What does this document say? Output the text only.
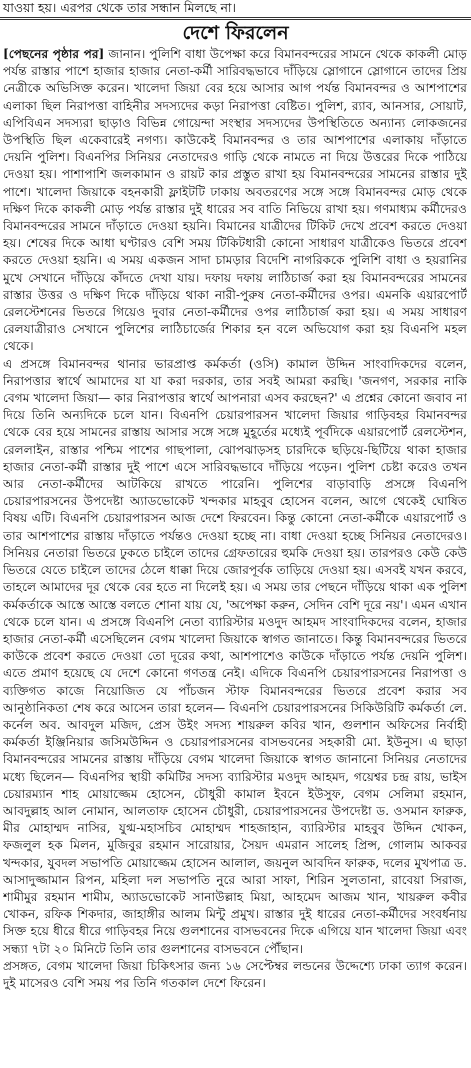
যাওয়া হয়। এরপর থেকে তার সন্ধান মিলছে না।
দেশে ফিরলেন

[পেছনের পৃষ্ঠার পর] জানান। পুলিশি বাধা উপেক্ষা করে বিমানবন্দরের সামনে থেকে কাকলী মোড় পর্যন্ত রাস্তার পাশে হাজার হাজার নেতা-কর্মী সারিবদ্ধভাবে দাঁড়িয়ে স্লোগানে স্লোগানে তাদের প্রিয় নেত্রীকে অভিসিক্ত করেন। খালেদা জিয়া বের হয়ে আসার আগ পর্যন্ত বিমানবন্দর ও আশপাশের এলাকা ছিল নিরাপত্তা বাহিনীর সদস্যদের কড়া নিরাপত্তা বেষ্টিত। পুলিশ, র‌্যাব, আনসার, সোয়াট, এপিবিএন সদস্যরা ছাড়াও বিভিন্ন গোয়েন্দা সংস্থার সদস্যদের উপস্থিতিতে অন্যান্য লোকজনের উপস্থিতি ছিল একেবারেই নগণ্য। কাউকেই বিমানবন্দর ও তার আশপাশের এলাকায় দাঁড়াতে দেয়নি পুলিশ। বিএনপির সিনিয়র নেতাদেরও গাড়ি থেকে নামতে না দিয়ে উত্তরের দিকে পাঠিয়ে দেওয়া হয়। পাশাপাশি জলকামান ও রায়ট কার প্রস্তুত রাখা হয় বিমানবন্দরের সামনের রাস্তার দুই পাশে। খালেদা জিয়াকে বহনকারী ফ্লাইটটি ঢাকায় অবতরণের সঙ্গে সঙ্গে বিমানবন্দর মোড় থেকে দক্ষিণ দিকে কাকলী মোড় পর্যন্ত রাস্তার দুই ধারের সব বাতি নিভিয়ে রাখা হয়। গণমাধ্যম কর্মীদেরও বিমানবন্দরের সামনে দাঁড়াতে দেওয়া হয়নি। বিমানের যাত্রীদের টিকিট দেখে প্রবেশ করতে দেওয়া হয়। শেষের দিকে আধা ঘণ্টারও বেশি সময় টিকিটধারী কোনো সাধারণ যাত্রীকেও ভিতরে প্রবেশ করতে দেওয়া হয়নি। এ সময় একজন সাদা চামড়ার বিদেশি নাগরিককে পুলিশি বাধা ও হয়রানির মুখে সেখানে দাঁড়িয়ে কাঁদতে দেখা যায়। দফায় দফায় লাঠিচার্জ করা হয় বিমানবন্দরের সামনের রাস্তার উত্তর ও দক্ষিণ দিকে দাঁড়িয়ে থাকা নারী-পুরুষ নেতা-কর্মীদের ওপর। এমনকি এয়ারপোর্ট রেলস্টেশনের ভিতরে গিয়েও দুবার নেতা-কর্মীদের ওপর লাঠিচার্জ করা হয়। এ সময় সাধারণ রেলযাত্রীরাও সেখানে পুলিশের লাঠিচার্জের শিকার হন বলে অভিযোগ করা হয় বিএনপি মহল থেকে।

এ প্রসঙ্গে বিমানবন্দর থানার ভারপ্রাপ্ত কর্মকর্তা (ওসি) কামাল উদ্দিন সাংবাদিকদের বলেন, নিরাপত্তার স্বার্থে আমাদের যা যা করা দরকার, তার সবই আমরা করছি। 'জনগণ, সরকার নাকি বেগম খালেদা জিয়া— কার নিরাপত্তার স্বার্থে আপনারা এসব করছেন?' এ প্রশ্নের কোনো জবাব না দিয়ে তিনি অন্যদিকে চলে যান। বিএনপি চেয়ারপারসন খালেদা জিয়ার গাড়িবহর বিমানবন্দর থেকে বের হয়ে সামনের রাস্তায় আসার সঙ্গে সঙ্গে মুহূর্তের মধ্যেই পূর্বদিকে এয়ারপোর্ট রেলস্টেশন, রেললাইন, রাস্তার পশ্চিম পাশের গাছপালা, ঝোপঝাড়সহ চারদিকে ছড়িয়ে-ছিটিয়ে থাকা হাজার হাজার নেতা-কর্মী রাস্তার দুই পাশে এসে সারিবদ্ধভাবে দাঁড়িয়ে পড়েন। পুলিশ চেষ্টা করেও তখন আর নেতা-কর্মীদের আটকিয়ে রাখতে পারেনি। পুলিশের বাড়াবাড়ি প্রসঙ্গে বিএনপি চেয়ারপারসনের উপদেষ্টা অ্যাডভোকেট খন্দকার মাহবুব হোসেন বলেন, আগে থেকেই ঘোষিত বিষয় এটি। বিএনপি চেয়ারপারসন আজ দেশে ফিরবেন। কিন্তু কোনো নেতা-কর্মীকে এয়ারপোর্ট ও তার আশপাশের রাস্তায় দাঁড়াতে পর্যন্তও দেওয়া হচ্ছে না। বাধা দেওয়া হচ্ছে সিনিয়র নেতাদেরও। সিনিয়র নেতারা ভিতরে ঢুকতে চাইলে তাদের গ্রেফতারের হুমকি দেওয়া হয়। তারপরও কেউ কেউ ভিতরে যেতে চাইলে তাদের ঠেলে ধাক্কা দিয়ে জোরপূর্বক তাড়িয়ে দেওয়া হয়। এসবই যখন করবে, তাহলে আমাদের দূর থেকে বের হতে না দিলেই হয়। এ সময় তার পেছনে দাঁড়িয়ে থাকা এক পুলিশ কর্মকর্তাকে আস্তে আস্তে বলতে শোনা যায় যে, 'অপেক্ষা করুন, সেদিন বেশি দূরে নয়'। এমন এখান থেকে চলে যান। এ প্রসঙ্গে বিএনপি নেতা ব্যারিস্টার মওদুদ আহমদ সাংবাদিকদের বলেন, হাজার হাজার নেতা-কর্মী এসেছিলেন বেগম খালেদা জিয়াকে স্বাগত জানাতে। কিন্তু বিমানবন্দরের ভিতরে কাউকে প্রবেশ করতে দেওয়া তো দূরের কথা, আশপাশেও কাউকে দাঁড়াতে পর্যন্ত দেয়নি পুলিশ। এতে প্রমাণ হয়েছে যে দেশে কোনো গণতন্ত্র নেই। এদিকে বিএনপি চেয়ারপারসনের নিরাপত্তা ও ব্যক্তিগত কাজে নিয়োজিত যে পাঁচজন স্টাফ বিমানবন্দরের ভিতরে প্রবেশ করার সব আনুষ্ঠানিকতা শেষ করে আসেন তারা হলেন— বিএনপি চেয়ারপারসনের সিকিউরিটি কর্মকর্তা লে. কর্নেল অব. আবদুল মজিদ, প্রেস উইং সদস্য শায়রুল কবির খান, গুলশান অফিসের নির্বাহী কর্মকর্তা ইঞ্জিনিয়ার জসিমউদ্দিন ও চেয়ারপারসনের বাসভবনের সহকারী মো. ইউনুস। এ ছাড়া বিমানবন্দরের সামনের রাস্তায় দাঁড়িয়ে বেগম খালেদা জিয়াকে স্বাগত জানানো সিনিয়র নেতাদের মধ্যে ছিলেন— বিএনপির স্থায়ী কমিটির সদস্য ব্যারিস্টার মওদুদ আহমদ, গয়েশ্বর চন্দ্র রায়, ভাইস চেয়ারম্যান শাহ মোয়াজ্জেম হোসেন, চৌধুরী কামাল ইবনে ইউসুফ, বেগম সেলিমা রহমান, আবদুল্লাহ আল নোমান, আলতাফ হোসেন চৌধুরী, চেয়ারপারসনের উপদেষ্টা ড. ওসমান ফারুক, মীর মোহাম্মদ নাসির, যুগ্ম-মহাসচিব মোহাম্মদ শাহজাহান, ব্যারিস্টার মাহবুব উদ্দিন খোকন, ফজলুল হক মিলন, মুজিবুর রহমান সারোয়ার, সৈয়দ এমরান সালেহ প্রিন্স, গোলাম আকবর খন্দকার, যুবদল সভাপতি মোয়াজ্জেম হোসেন আলাল, জয়নুল আবদিন ফারুক, দলের মুখপাত্র ড. আসাদুজ্জামান রিপন, মহিলা দল সভাপতি নুরে আরা সাফা, শিরিন সুলতানা, রাবেয়া সিরাজ, শামীমুর রহমান শামীম, অ্যাডভোকেট সানাউল্লাহ মিয়া, আহমেদ আজম খান, খায়রুল কবীর খোকন, রফিক শিকদার, জাহাঙ্গীর আলম মিন্টু প্রমুখ। রাস্তার দুই ধারের নেতা-কর্মীদের সংবর্ধনায় সিক্ত হয়ে ধীরে ধীরে গাড়িবহর নিয়ে গুলশানের বাসভবনের দিকে এগিয়ে যান খালেদা জিয়া এবং সন্ধ্যা ৭টা ২০ মিনিটে তিনি তার গুলশানের বাসভবনে পৌঁছান।

প্রসঙ্গত, বেগম খালেদা জিয়া চিকিৎসার জন্য ১৬ সেপ্টেম্বর লন্ডনের উদ্দেশ্যে ঢাকা ত্যাগ করেন। দুই মাসেরও বেশি সময় পর তিনি গতকাল দেশে ফিরেন।
